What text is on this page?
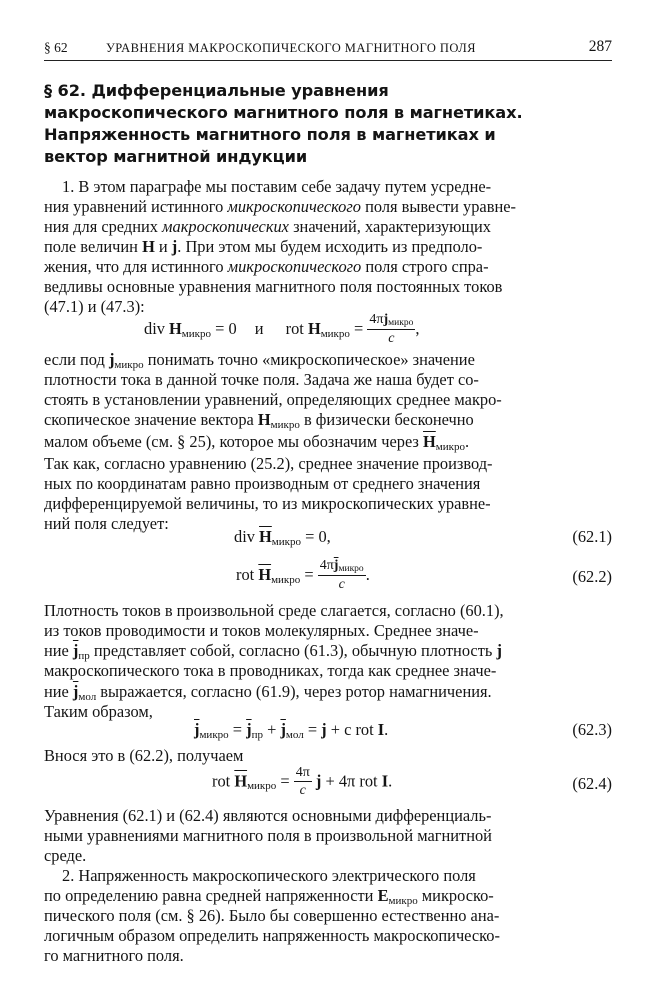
§ 62	УРАВНЕНИЯ МАКРОСКОПИЧЕСКОГО МАГНИТНОГО ПОЛЯ	287
§ 62. Дифференциальные уравнения
макроскопического магнитного поля в магнетиках.
Напряженность магнитного поля в магнетиках и
вектор магнитной индукции
1. В этом параграфе мы поставим себе задачу путем усредне-
ния уравнений истинного микроскопического поля вывести уравне-
ния для средних макроскопических значений, характеризующих
поле величин H и j. При этом мы будем исходить из предполо-
жения, что для истинного микроскопического поля строго спра-
ведливы основные уравнения магнитного поля постоянных токов
(47.1) и (47.3):
div Hмикро = 0 и rot Hмикро = $\frac{\text{4πjмикро}}{c}$ ,
если под jмикро понимать точно «микроскопическое» значение
плотности тока в данной точке поля. Задача же наша будет со-
стоять в установлении уравнений, определяющих среднее макро-
скопическое значение вектора Hмикро в физически бесконечно
малом объеме (см. § 25), которое мы обозначим через $\overline{H}микро$.
Так как, согласно уравнению (25.2), среднее значение производ-
ных по координатам равно производным от среднего значения
дифференцируемой величины, то из микроскопических уравне-
ний поля следует:
div $\overline{H}микро = 0$,	(62.1)
rot $\overline{H}микро = \frac{4\pi\overline{j}микро}{c}$ .	(62.2)
Плотность токов в произвольной среде слагается, согласно (60.1),
из токов проводимости и токов молекулярных. Среднее значе-
ние $\overline{j}пр$ представляет собой, согласно (61.3), обычную плотность j
макроскопического тока в проводниках, тогда как среднее значе-
ние $\overline{j}мол$ выражается, согласно (61.9), через ротор намагничения.
Таким образом,
$\overline{j}микро = \overline{j}пр + \overline{j}мол = j + c$ rot I.	(62.3)
Внося это в (62.2), получаем
rot $\overline{H}микро = \frac{4\pi}{c}$ j + 4π rot I.	(62.4)
Уравнения (62.1) и (62.4) являются основными дифференциаль-
ными уравнениями магнитного поля в произвольной магнитной
среде.
2. Напряженность макроскопического электрического поля
по определению равна средней напряженности Eмикро микроско-
пического поля (см. § 26). Было бы совершенно естественно ана-
логичным образом определить напряженность макроскопическо-
го магнитного поля.
